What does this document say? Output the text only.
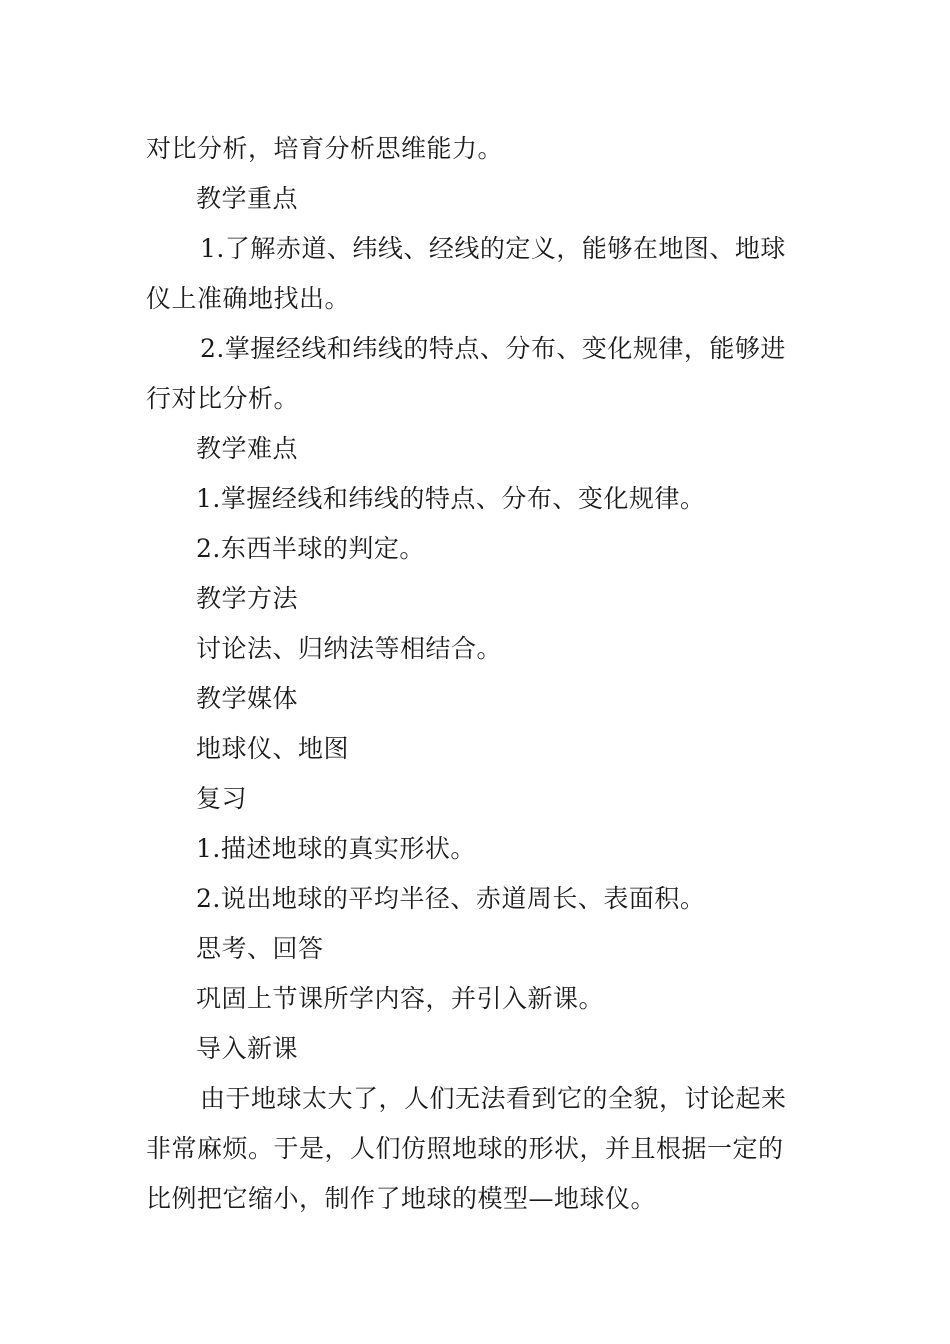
对比分析，培育分析思维能力。
教学重点
1.了解赤道、纬线、经线的定义，能够在地图、地球
仪上准确地找出。
2.掌握经线和纬线的特点、分布、变化规律，能够进
行对比分析。
教学难点
1.掌握经线和纬线的特点、分布、变化规律。
2.东西半球的判定。
教学方法
讨论法、归纳法等相结合。
教学媒体
地球仪、地图
复习
1.描述地球的真实形状。
2.说出地球的平均半径、赤道周长、表面积。
思考、回答
巩固上节课所学内容，并引入新课。
导入新课
由于地球太大了，人们无法看到它的全貌，讨论起来
非常麻烦。于是，人们仿照地球的形状，并且根据一定的
比例把它缩小，制作了地球的模型—地球仪。
